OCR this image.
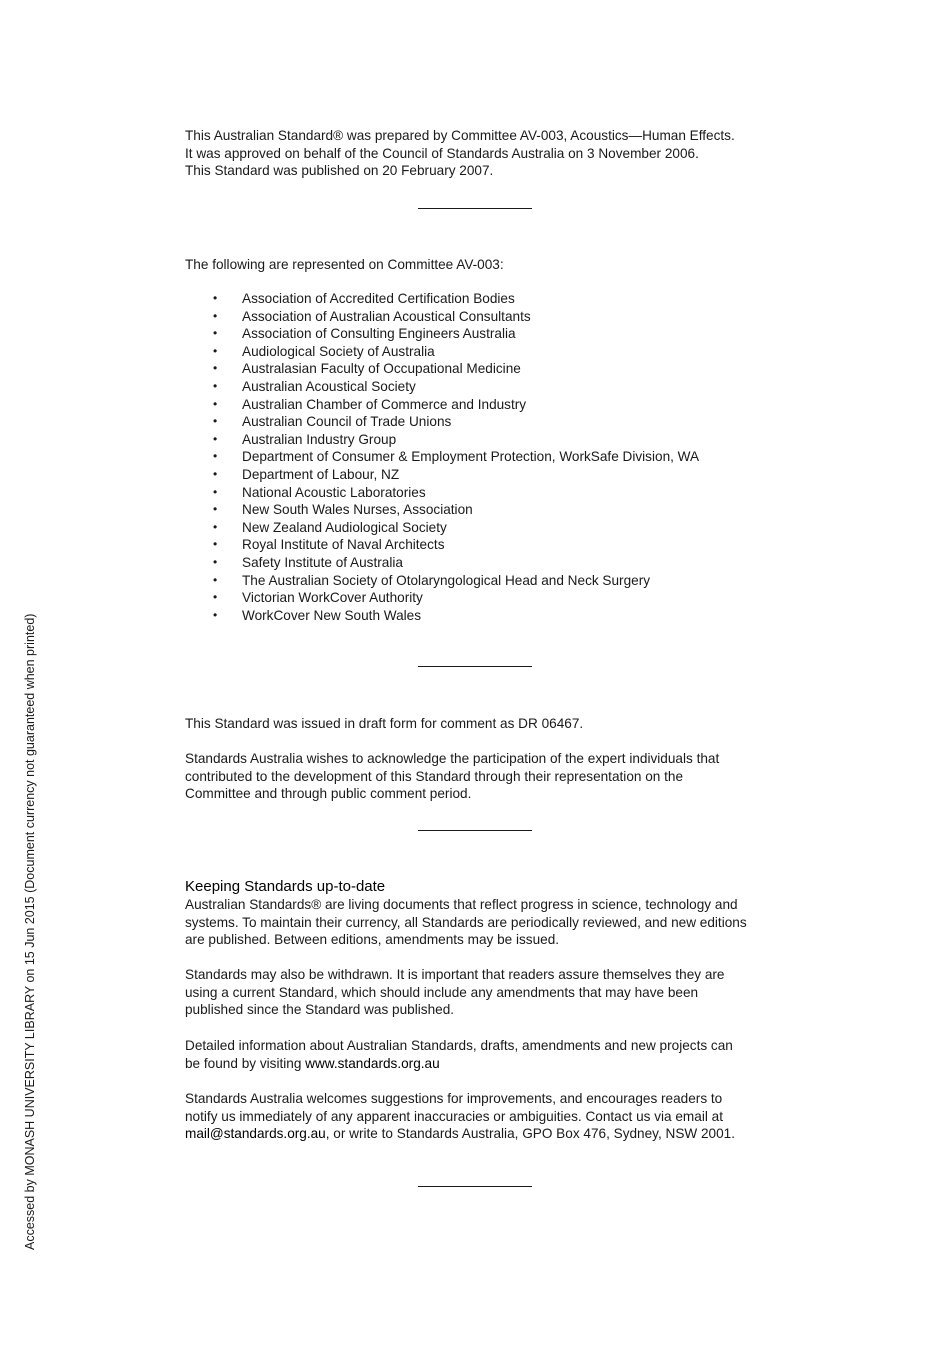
This Australian Standard® was prepared by Committee AV-003, Acoustics—Human Effects.

It was approved on behalf of the Council of Standards Australia on 3 November 2006.

This Standard was published on 20 February 2007.

The following are represented on Committee AV-003:

• Association of Accredited Certification Bodies
• Association of Australian Acoustical Consultants
• Association of Consulting Engineers Australia
• Audiological Society of Australia
• Australasian Faculty of Occupational Medicine
• Australian Acoustical Society
• Australian Chamber of Commerce and Industry
• Australian Council of Trade Unions
• Australian Industry Group
• Department of Consumer & Employment Protection, WorkSafe Division, WA
• Department of Labour, NZ
• National Acoustic Laboratories
• New South Wales Nurses, Association
• New Zealand Audiological Society
• Royal Institute of Naval Architects
• Safety Institute of Australia
• The Australian Society of Otolaryngological Head and Neck Surgery
• Victorian WorkCover Authority
• WorkCover New South Wales

This Standard was issued in draft form for comment as DR 06467.

Standards Australia wishes to acknowledge the participation of the expert individuals that

contributed to the development of this Standard through their representation on the

Committee and through public comment period.

Keeping Standards up-to-date

Australian Standards® are living documents that reflect progress in science, technology and

systems. To maintain their currency, all Standards are periodically reviewed, and new editions

are published. Between editions, amendments may be issued.

Standards may also be withdrawn. It is important that readers assure themselves they are

using a current Standard, which should include any amendments that may have been

published since the Standard was published.

Detailed information about Australian Standards, drafts, amendments and new projects can

be found by visiting www.standards.org.au

Standards Australia welcomes suggestions for improvements, and encourages readers to

notify us immediately of any apparent inaccuracies or ambiguities. Contact us via email at

mail@standards.org.au, or write to Standards Australia, GPO Box 476, Sydney, NSW 2001.

Accessed by MONASH UNIVERSITY LIBRARY on 15 Jun 2015 (Document currency not guaranteed when printed)
